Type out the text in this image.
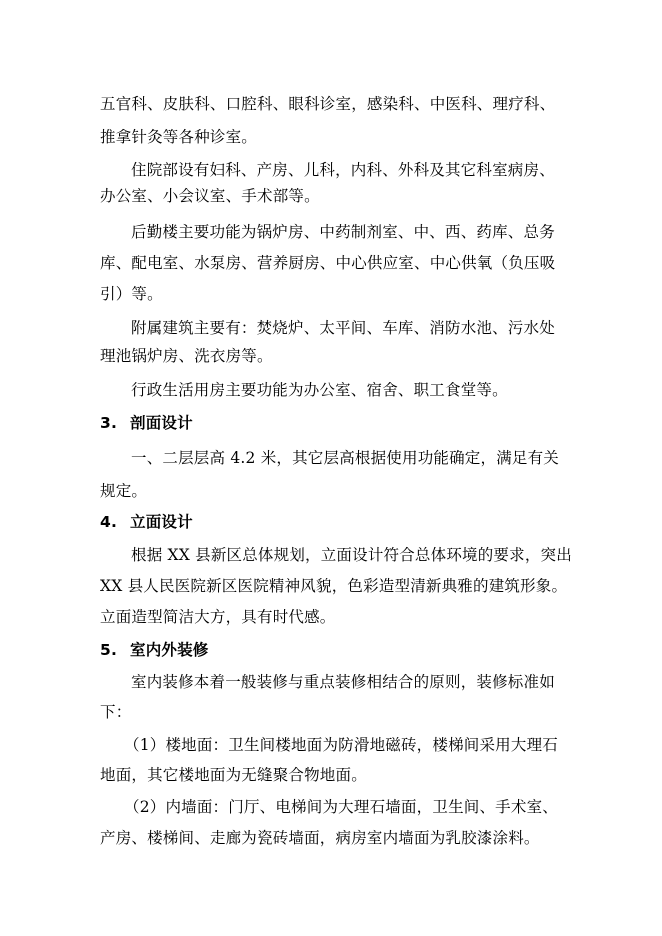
五官科、皮肤科、口腔科、眼科诊室，感染科、中医科、理疗科、
推拿针灸等各种诊室。
住院部设有妇科、产房、儿科，内科、外科及其它科室病房、
办公室、小会议室、手术部等。
后勤楼主要功能为锅炉房、中药制剂室、中、西、药库、总务
库、配电室、水泵房、营养厨房、中心供应室、中心供氧（负压吸
引）等。
附属建筑主要有：焚烧炉、太平间、车库、消防水池、污水处
理池锅炉房、洗衣房等。
行政生活用房主要功能为办公室、宿舍、职工食堂等。
3. 剖面设计
一、二层层高 4.2 米，其它层高根据使用功能确定，满足有关
规定。
4. 立面设计
根据 XX 县新区总体规划，立面设计符合总体环境的要求，突出
XX 县人民医院新区医院精神风貌，色彩造型清新典雅的建筑形象。
立面造型简洁大方，具有时代感。
5. 室内外装修
室内装修本着一般装修与重点装修相结合的原则，装修标准如
下：
（1）楼地面：卫生间楼地面为防滑地磁砖，楼梯间采用大理石
地面，其它楼地面为无缝聚合物地面。
（2）内墙面：门厅、电梯间为大理石墙面，卫生间、手术室、
产房、楼梯间、走廊为瓷砖墙面，病房室内墙面为乳胶漆涂料。
